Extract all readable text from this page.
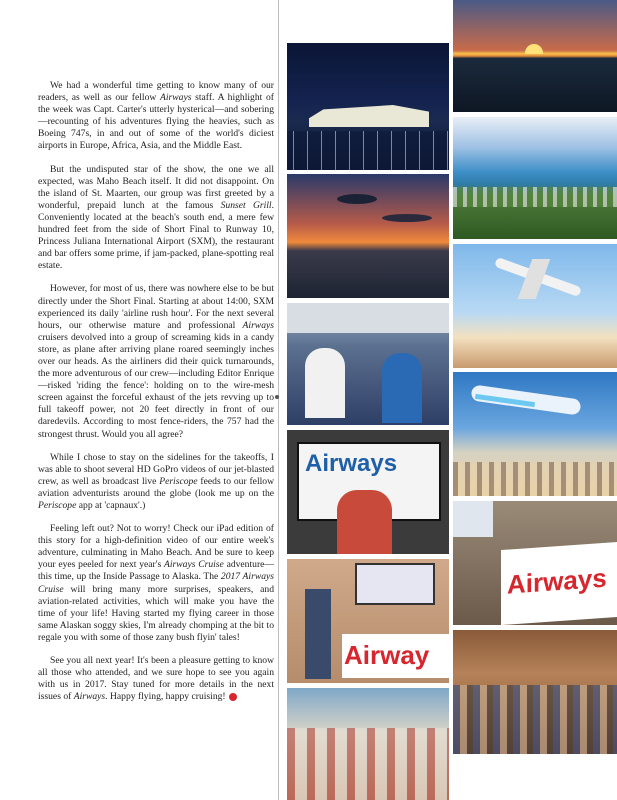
We had a wonderful time getting to know many of our readers, as well as our fellow Airways staff. A highlight of the week was Capt. Carter's utterly hysterical—and sobering—recounting of his adventures flying the heavies, such as Boeing 747s, in and out of some of the world's diciest airports in Europe, Africa, Asia, and the Middle East.

But the undisputed star of the show, the one we all expected, was Maho Beach itself. It did not disappoint. On the island of St. Maarten, our group was first greeted by a wonderful, prepaid lunch at the famous Sunset Grill. Conveniently located at the beach's south end, a mere few hundred feet from the side of Short Final to Runway 10, Princess Juliana International Airport (SXM), the restaurant and bar offers some prime, if jam-packed, plane-spotting real estate.

However, for most of us, there was nowhere else to be but directly under the Short Final. Starting at about 14:00, SXM experienced its daily 'airline rush hour'. For the next several hours, our otherwise mature and professional Airways cruisers devolved into a group of screaming kids in a candy store, as plane after arriving plane roared seemingly inches over our heads. As the airliners did their quick turnarounds, the more adventurous of our crew—including Editor Enrique—risked 'riding the fence': holding on to the wire-mesh screen against the forceful exhaust of the jets revving up to full takeoff power, not 20 feet directly in front of our daredevils. According to most fence-riders, the 757 had the strongest thrust. Would you all agree?

While I chose to stay on the sidelines for the takeoffs, I was able to shoot several HD GoPro videos of our jet-blasted crew, as well as broadcast live Periscope feeds to our fellow aviation adventurists around the globe (look me up on the Periscope app at 'capnaux'.)

Feeling left out? Not to worry! Check our iPad edition of this story for a high-definition video of our entire week's adventure, culminating in Maho Beach. And be sure to keep your eyes peeled for next year's Airways Cruise adventure—this time, up the Inside Passage to Alaska. The 2017 Airways Cruise will bring many more surprises, speakers, and aviation-related activities, which will make you have the time of your life! Having started my flying career in those same Alaskan soggy skies, I'm already chomping at the bit to regale you with some of those zany bush flyin' tales!

See you all next year! It's been a pleasure getting to know all those who attended, and we sure hope to see you again with us in 2017. Stay tuned for more details in the next issues of Airways. Happy flying, happy cruising!

Airways
Airway
Airways
